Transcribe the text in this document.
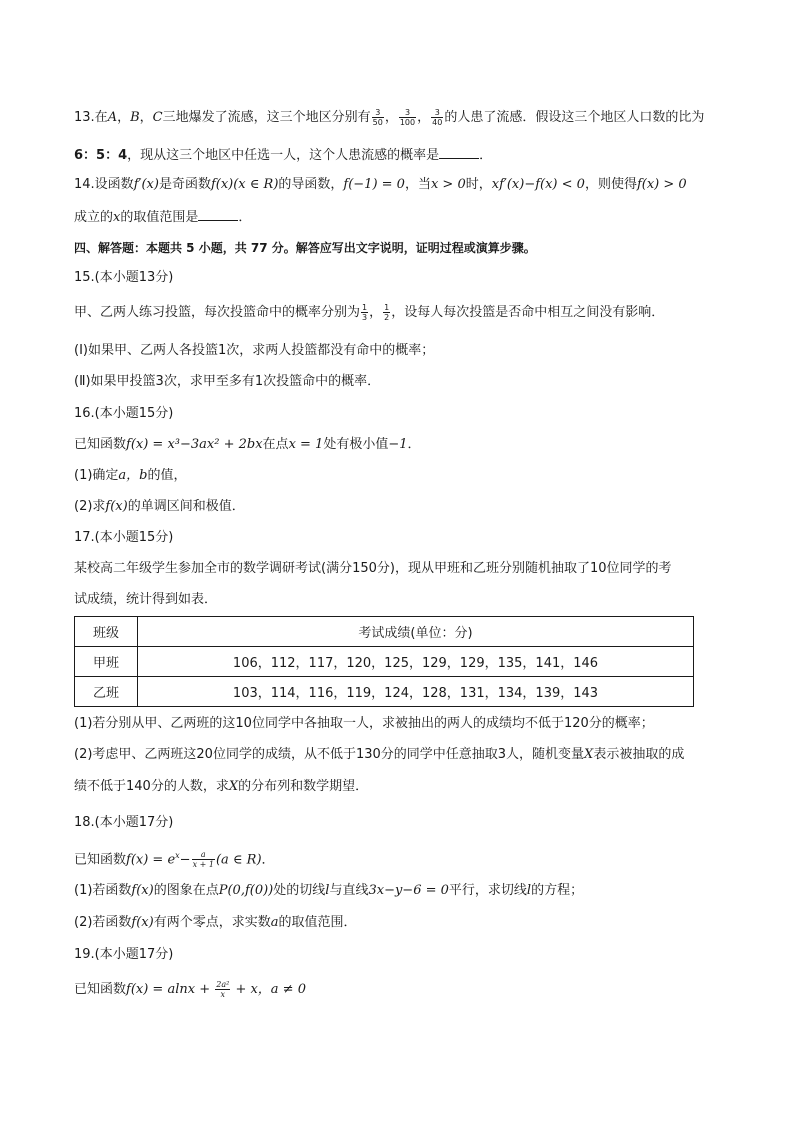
13.在A，B，C三地爆发了流感，这三个地区分别有 $\frac{3}{50}$ ， $\frac{3}{100}$ ， $\frac{3}{40}$ 的人患了流感．假设这三个地区人口数的比为
6：5：4，现从这三个地区中任选一人，这个人患流感的概率是	．
14.设函数f′(x)是奇函数f(x)(x ∈ R)的导函数，f(−1) = 0，当x > 0时，xf′(x)−f(x) < 0，则使得f(x) > 0
成立的x的取值范围是	．
四、解答题：本题共 5 小题，共 77 分。解答应写出文字说明，证明过程或演算步骤。
15.(本小题13分)
甲、乙两人练习投篮，每次投篮命中的概率分别为 $\frac{1}{3}$ ， $\frac{1}{2}$ ，设每人每次投篮是否命中相互之间没有影响．
(Ⅰ)如果甲、乙两人各投篮1次，求两人投篮都没有命中的概率；
(Ⅱ)如果甲投篮3次，求甲至多有1次投篮命中的概率．
16.(本小题15分)
已知函数f(x) = x³−3ax² + 2bx在点x = 1处有极小值−1．
(1)确定a，b的值，
(2)求f(x)的单调区间和极值．
17.(本小题15分)
某校高二年级学生参加全市的数学调研考试(满分150分)，现从甲班和乙班分别随机抽取了10位同学的考
试成绩，统计得到如表．
班级	考试成绩(单位：分)
甲班	106，112，117，120，125，129，129，135，141，146
乙班	103，114，116，119，124，128，131，134，139，143
(1)若分别从甲、乙两班的这10位同学中各抽取一人，求被抽出的两人的成绩均不低于120分的概率；
(2)考虑甲、乙两班这20位同学的成绩，从不低于130分的同学中任意抽取3人，随机变量X表示被抽取的成
绩不低于140分的人数，求X的分布列和数学期望．
18.(本小题17分)
已知函数$f(x) = e^x- \frac{a}{x + 1} (a$ ∈ R)．
(1)若函数f(x)的图象在点P(0,f(0))处的切线l与直线3x−y−6 = 0平行，求切线l的方程；
(2)若函数f(x)有两个零点，求实数a的取值范围．
19.(本小题17分)
已知函数$f(x) = alnx + \frac{\text{2a²}}{x} + x$，a ≠ 0
